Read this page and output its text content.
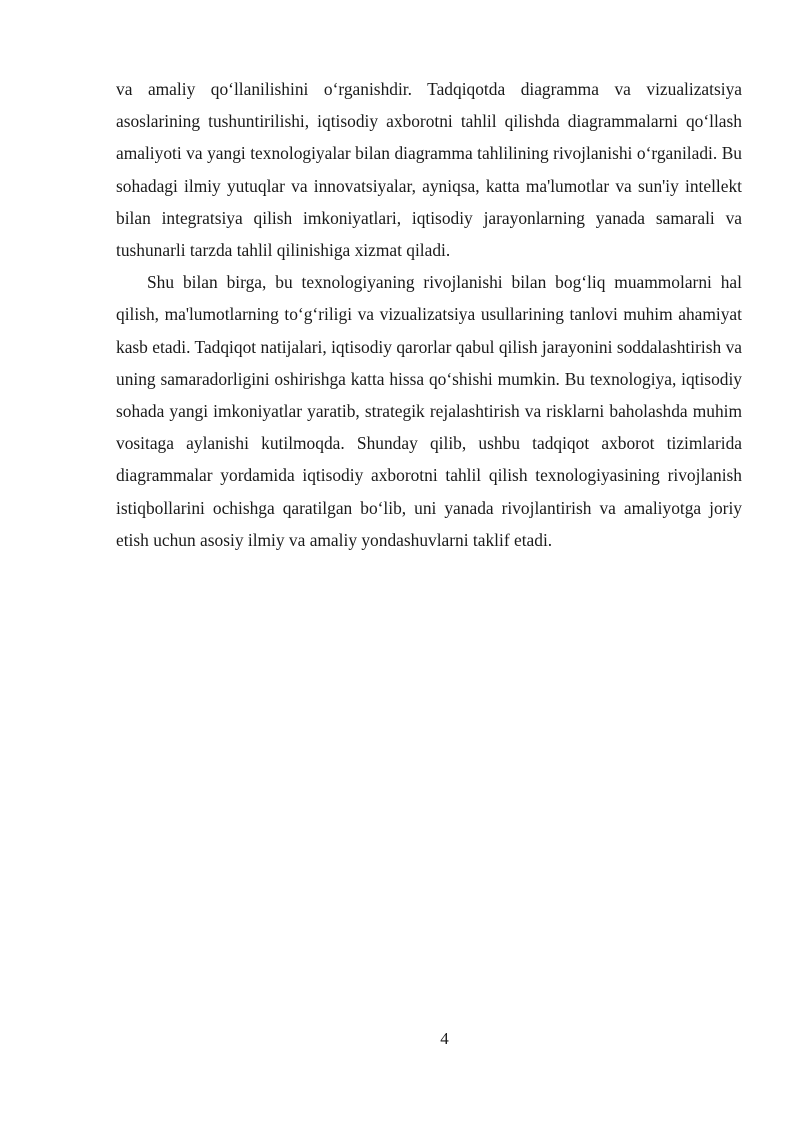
va amaliy qo‘llanilishini o‘rganishdir. Tadqiqotda diagramma va vizualizatsiya asoslarining tushuntirilishi, iqtisodiy axborotni tahlil qilishda diagrammalarni qo‘llash amaliyoti va yangi texnologiyalar bilan diagramma tahlilining rivojlanishi o‘rganiladi. Bu sohadagi ilmiy yutuqlar va innovatsiyalar, ayniqsa, katta ma'lumotlar va sun'iy intellekt bilan integratsiya qilish imkoniyatlari, iqtisodiy jarayonlarning yanada samarali va tushunarli tarzda tahlil qilinishiga xizmat qiladi.

Shu bilan birga, bu texnologiyaning rivojlanishi bilan bog‘liq muammolarni hal qilish, ma'lumotlarning to‘g‘riligi va vizualizatsiya usullarining tanlovi muhim ahamiyat kasb etadi. Tadqiqot natijalari, iqtisodiy qarorlar qabul qilish jarayonini soddalashtirish va uning samaradorligini oshirishga katta hissa qo‘shishi mumkin. Bu texnologiya, iqtisodiy sohada yangi imkoniyatlar yaratib, strategik rejalashtirish va risklarni baholashda muhim vositaga aylanishi kutilmoqda. Shunday qilib, ushbu tadqiqot axborot tizimlarida diagrammalar yordamida iqtisodiy axborotni tahlil qilish texnologiyasining rivojlanish istiqbollarini ochishga qaratilgan bo‘lib, uni yanada rivojlantirish va amaliyotga joriy etish uchun asosiy ilmiy va amaliy yondashuvlarni taklif etadi.

4
